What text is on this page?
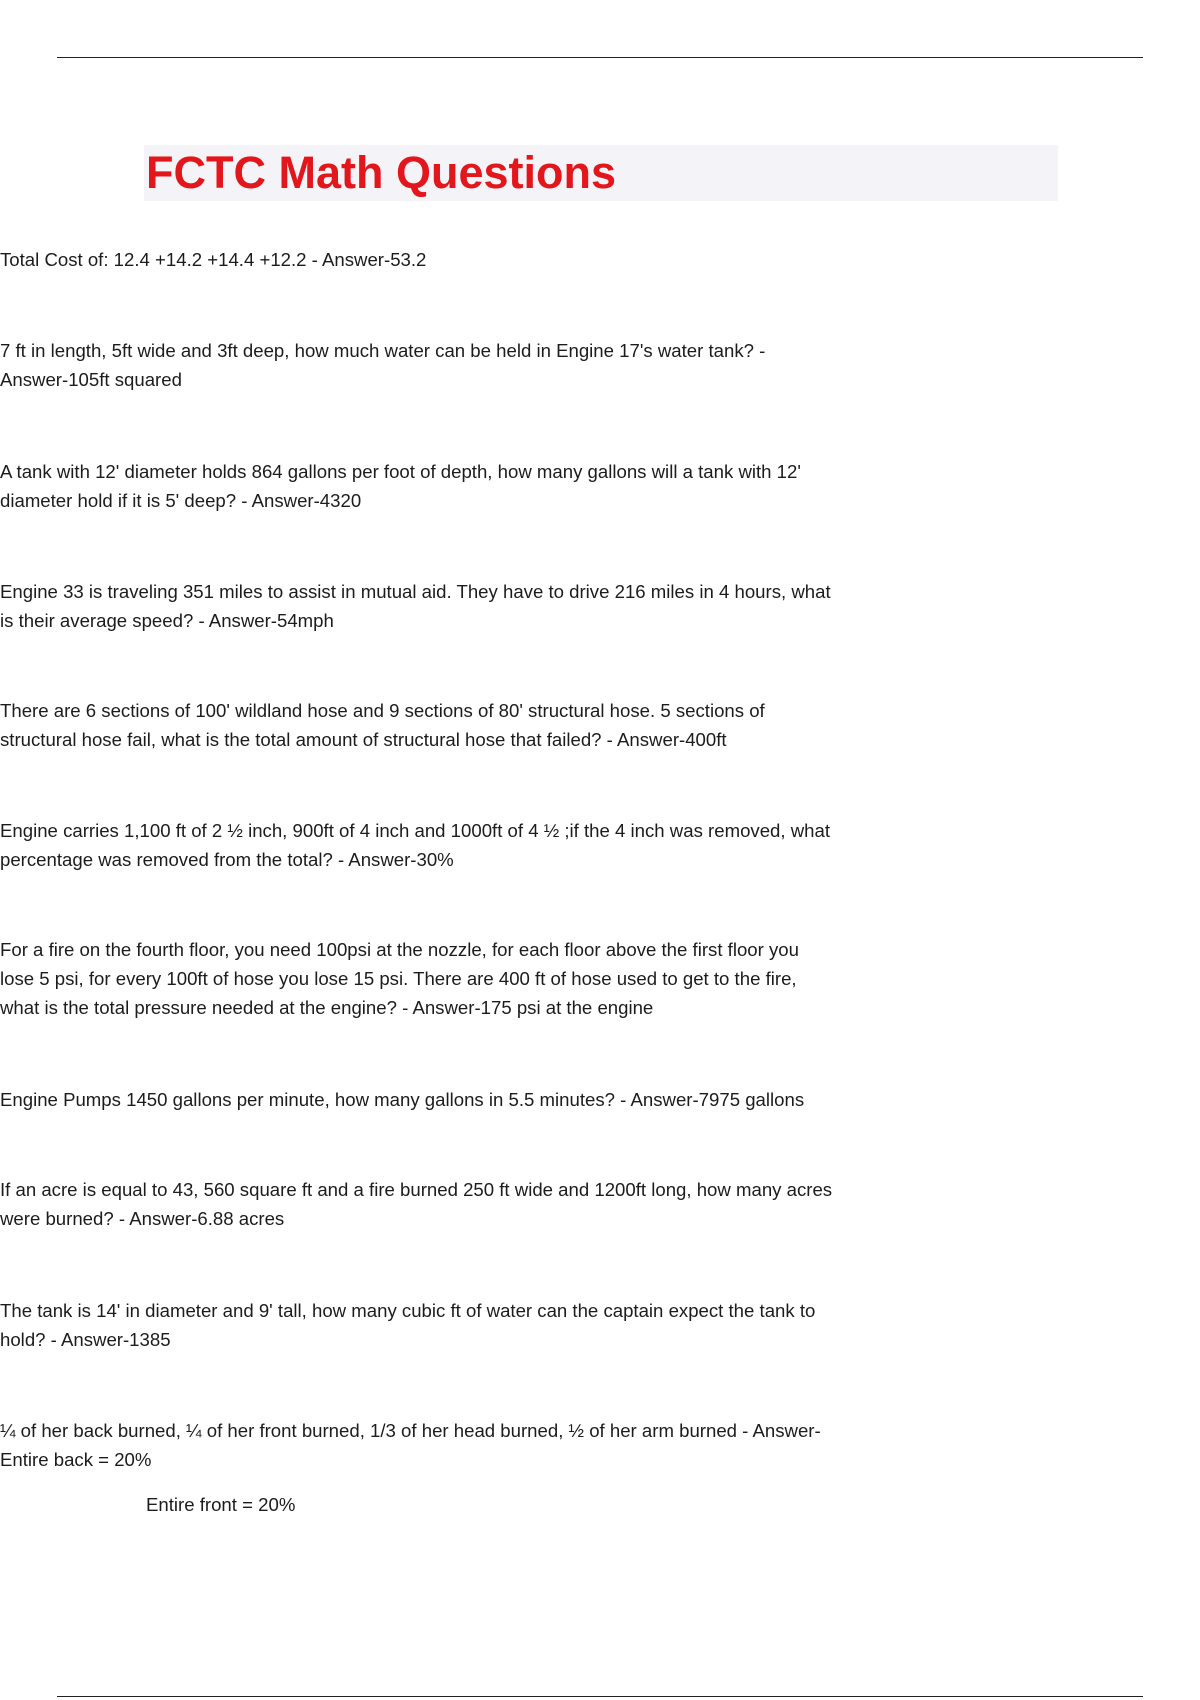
FCTC Math Questions
Total Cost of: 12.4 +14.2 +14.4 +12.2 - Answer-53.2
7 ft in length, 5ft wide and 3ft deep, how much water can be held in Engine 17's water tank? -
Answer-105ft squared
A tank with 12' diameter holds 864 gallons per foot of depth, how many gallons will a tank with 12'
diameter hold if it is 5' deep? - Answer-4320
Engine 33 is traveling 351 miles to assist in mutual aid. They have to drive 216 miles in 4 hours, what
is their average speed? - Answer-54mph
There are 6 sections of 100' wildland hose and 9 sections of 80' structural hose. 5 sections of
structural hose fail, what is the total amount of structural hose that failed? - Answer-400ft
Engine carries 1,100 ft of 2 ½ inch, 900ft of 4 inch and 1000ft of 4 ½ ;if the 4 inch was removed, what
percentage was removed from the total? - Answer-30%
For a fire on the fourth floor, you need 100psi at the nozzle, for each floor above the first floor you
lose 5 psi, for every 100ft of hose you lose 15 psi. There are 400 ft of hose used to get to the fire,
what is the total pressure needed at the engine? - Answer-175 psi at the engine
Engine Pumps 1450 gallons per minute, how many gallons in 5.5 minutes? - Answer-7975 gallons
If an acre is equal to 43, 560 square ft and a fire burned 250 ft wide and 1200ft long, how many acres
were burned? - Answer-6.88 acres
The tank is 14' in diameter and 9' tall, how many cubic ft of water can the captain expect the tank to
hold? - Answer-1385
¼ of her back burned, ¼ of her front burned, 1/3 of her head burned, ½ of her arm burned - Answer-
Entire back = 20%

Entire front = 20%
